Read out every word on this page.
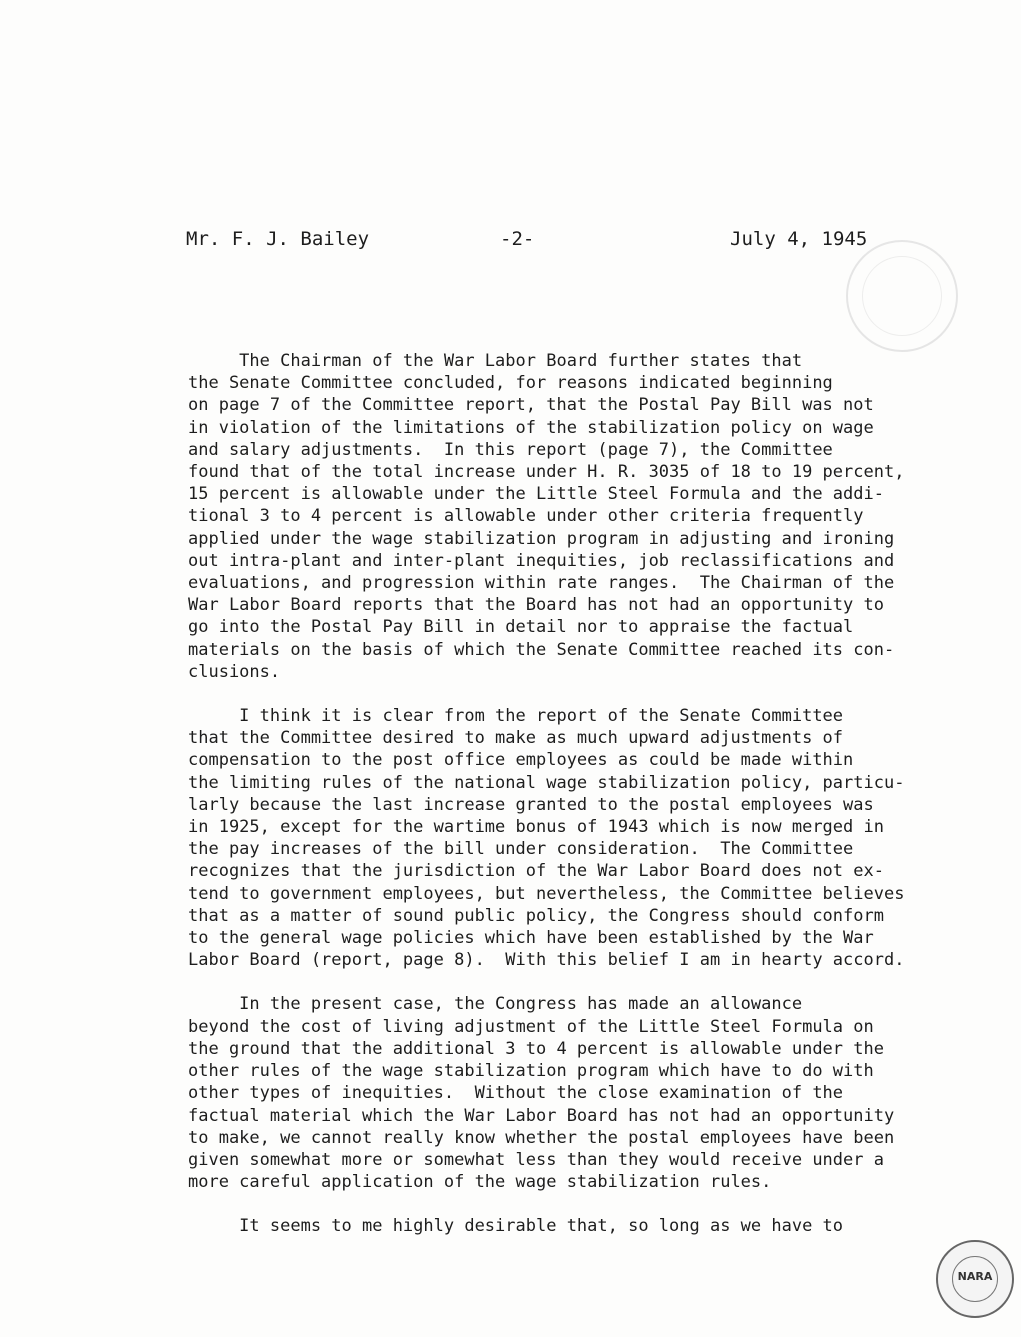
Mr. F. J. Bailey	-2-	July 4, 1945
The Chairman of the War Labor Board further states that
the Senate Committee concluded, for reasons indicated beginning
on page 7 of the Committee report, that the Postal Pay Bill was not
in violation of the limitations of the stabilization policy on wage
and salary adjustments.  In this report (page 7), the Committee
found that of the total increase under H. R. 3035 of 18 to 19 percent,
15 percent is allowable under the Little Steel Formula and the addi-
tional 3 to 4 percent is allowable under other criteria frequently
applied under the wage stabilization program in adjusting and ironing
out intra-plant and inter-plant inequities, job reclassifications and
evaluations, and progression within rate ranges.  The Chairman of the
War Labor Board reports that the Board has not had an opportunity to
go into the Postal Pay Bill in detail nor to appraise the factual
materials on the basis of which the Senate Committee reached its con-
clusions.
I think it is clear from the report of the Senate Committee
that the Committee desired to make as much upward adjustments of
compensation to the post office employees as could be made within
the limiting rules of the national wage stabilization policy, particu-
larly because the last increase granted to the postal employees was
in 1925, except for the wartime bonus of 1943 which is now merged in
the pay increases of the bill under consideration.  The Committee
recognizes that the jurisdiction of the War Labor Board does not ex-
tend to government employees, but nevertheless, the Committee believes
that as a matter of sound public policy, the Congress should conform
to the general wage policies which have been established by the War
Labor Board (report, page 8).  With this belief I am in hearty accord.
In the present case, the Congress has made an allowance
beyond the cost of living adjustment of the Little Steel Formula on
the ground that the additional 3 to 4 percent is allowable under the
other rules of the wage stabilization program which have to do with
other types of inequities.  Without the close examination of the
factual material which the War Labor Board has not had an opportunity
to make, we cannot really know whether the postal employees have been
given somewhat more or somewhat less than they would receive under a
more careful application of the wage stabilization rules.
It seems to me highly desirable that, so long as we have to
NARA
